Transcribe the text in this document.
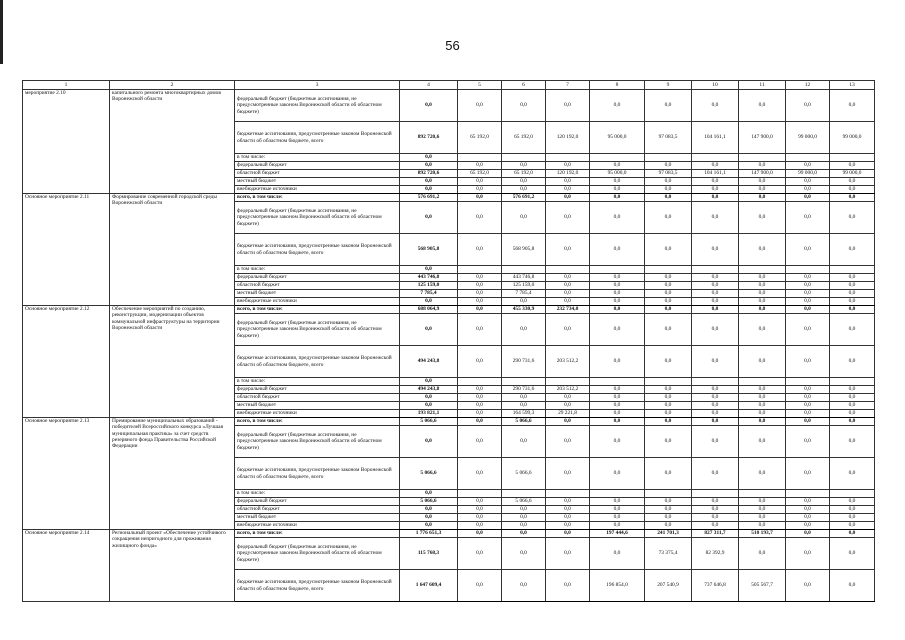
56
1	2	3	4	5	6	7	8	9	10	11	12	13
мероприятие 2.10	капитального ремонта многоквартирных домов Воронежской области	федеральный бюджет (бюджетные ассигнования, не предусмотренные законом Воронежской области об областном бюджете)	0,0	0,0	0,0	0,0	0,0	0,0	0,0	0,0	0,0	0,0
		бюджетные ассигнования, предусмотренные законом Воронежской области об областном бюджете, всего	892 720,6	65 192,0	65 192,0	120 192,0	95 000,0	97 083,5	104 161,1	147 900,0	99 000,0	99 000,0
		в том числе:	0,0									
		федеральный бюджет	0,0	0,0	0,0	0,0	0,0	0,0	0,0	0,0	0,0	0,0
		областной бюджет	892 720,6	65 192,0	65 192,0	120 192,0	95 000,0	97 083,5	104 161,1	147 900,0	99 000,0	99 000,0
		местный бюджет	0,0	0,0	0,0	0,0	0,0	0,0	0,0	0,0	0,0	0,0
		внебюджетные источники	0,0	0,0	0,0	0,0	0,0	0,0	0,0	0,0	0,0	0,0
Основное мероприятие 2.11	Формирование современной городской среды Воронежской области	всего, в том числе:	576 691,2	0,0	576 691,2	0,0	0,0	0,0	0,0	0,0	0,0	0,0
		федеральный бюджет (бюджетные ассигнования, не предусмотренные законом Воронежской области об областном бюджете)	0,0	0,0	0,0	0,0	0,0	0,0	0,0	0,0	0,0	0,0
		бюджетные ассигнования, предусмотренные законом Воронежской области об областном бюджете, всего	568 905,8	0,0	568 905,8	0,0	0,0	0,0	0,0	0,0	0,0	0,0
		в том числе:	0,0									
		федеральный бюджет	443 746,8	0,0	443 746,8	0,0	0,0	0,0	0,0	0,0	0,0	0,0
		областной бюджет	125 159,0	0,0	125 159,0	0,0	0,0	0,0	0,0	0,0	0,0	0,0
		местный бюджет	7 785,4	0,0	7 785,4	0,0	0,0	0,0	0,0	0,0	0,0	0,0
		внебюджетные источники	0,0	0,0	0,0	0,0	0,0	0,0	0,0	0,0	0,0	0,0
Основное мероприятие 2.12	Обеспечение мероприятий по созданию, реконструкции, модернизации объектов коммунальной инфраструктуры на территории Воронежской области	всего, в том числе:	688 064,9	0,0	455 330,9	232 734,0	0,0	0,0	0,0	0,0	0,0	0,0
		федеральный бюджет (бюджетные ассигнования, не предусмотренные законом Воронежской области об областном бюджете)	0,0	0,0	0,0	0,0	0,0	0,0	0,0	0,0	0,0	0,0
		бюджетные ассигнования, предусмотренные законом Воронежской области об областном бюджете, всего	494 243,8	0,0	290 731,6	203 512,2	0,0	0,0	0,0	0,0	0,0	0,0
		в том числе:	0,0									
		федеральный бюджет	494 243,8	0,0	290 731,6	203 512,2	0,0	0,0	0,0	0,0	0,0	0,0
		областной бюджет	0,0	0,0	0,0	0,0	0,0	0,0	0,0	0,0	0,0	0,0
		местный бюджет	0,0	0,0	0,0	0,0	0,0	0,0	0,0	0,0	0,0	0,0
		внебюджетные источники	193 821,1	0,0	164 599,3	29 221,8	0,0	0,0	0,0	0,0	0,0	0,0
Основное мероприятие 2.13	Премирование муниципальных образований - победителей Всероссийского конкурса «Лучшая муниципальная практика» за счет средств резервного фонда Правительства Российской Федерации	всего, в том числе:	5 066,6	0,0	5 066,6	0,0	0,0	0,0	0,0	0,0	0,0	0,0
		федеральный бюджет (бюджетные ассигнования, не предусмотренные законом Воронежской области об областном бюджете)	0,0	0,0	0,0	0,0	0,0	0,0	0,0	0,0	0,0	0,0
		бюджетные ассигнования, предусмотренные законом Воронежской области об областном бюджете, всего	5 066,6	0,0	5 066,6	0,0	0,0	0,0	0,0	0,0	0,0	0,0
		в том числе:	0,0									
		федеральный бюджет	5 066,6	0,0	5 066,6	0,0	0,0	0,0	0,0	0,0	0,0	0,0
		областной бюджет	0,0	0,0	0,0	0,0	0,0	0,0	0,0	0,0	0,0	0,0
		местный бюджет	0,0	0,0	0,0	0,0	0,0	0,0	0,0	0,0	0,0	0,0
		внебюджетные источники	0,0	0,0	0,0	0,0	0,0	0,0	0,0	0,0	0,0	0,0
Основное мероприятие 2.14	Региональный проект «Обеспечение устойчивого сокращения непригодного для проживания жилищного фонда»	всего, в том числе:	1 776 651,3	0,0	0,0	0,0	197 444,6	241 701,3	827 311,7	510 193,7	0,0	0,0
		федеральный бюджет (бюджетные ассигнования, не предусмотренные законом Воронежской области об областном бюджете)	115 768,3	0,0	0,0	0,0	0,0	73 375,4	82 392,9	0,0	0,0	0,0
		бюджетные ассигнования, предусмотренные законом Воронежской области об областном бюджете, всего	1 647 609,4	0,0	0,0	0,0	196 854,0	207 540,9	737 646,8	505 567,7	0,0	0,0
